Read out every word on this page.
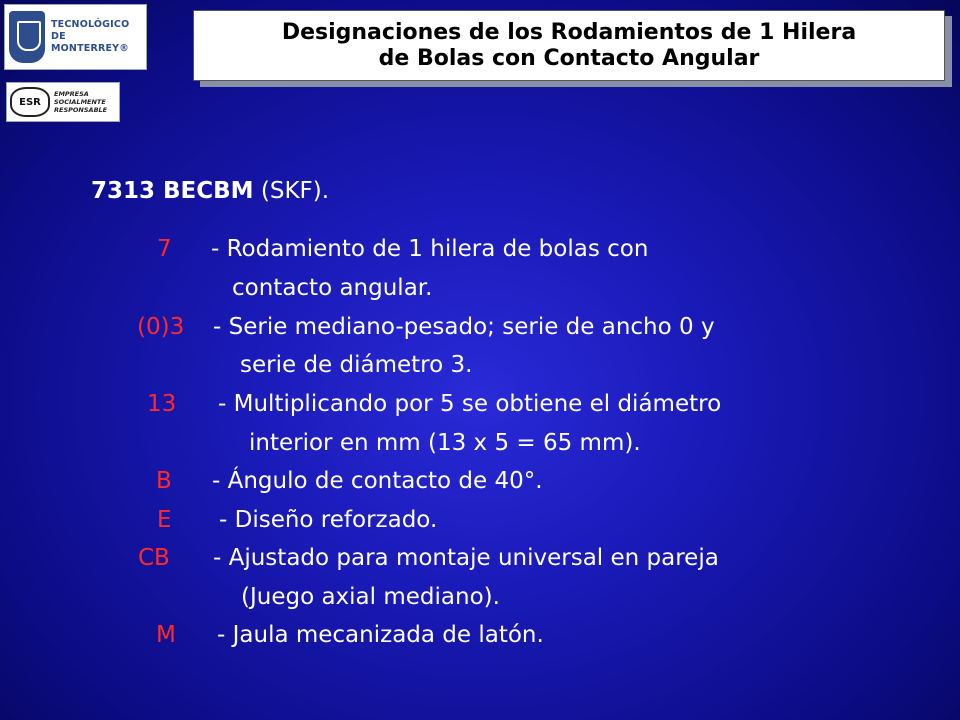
TECNOLÓGICO
DE MONTERREY®
ESR
EMPRESA
SOCIALMENTE
RESPONSABLE
Designaciones de los Rodamientos de 1 Hilera
de Bolas con Contacto Angular
7313 BECBM (SKF).
7 - Rodamiento de 1 hilera de bolas con
contacto angular.
(0)3 - Serie mediano-pesado; serie de ancho 0 y
serie de diámetro 3.
13 - Multiplicando por 5 se obtiene el diámetro
interior en mm (13 x 5 = 65 mm).
B - Ángulo de contacto de 40°.
E - Diseño reforzado.
CB - Ajustado para montaje universal en pareja
(Juego axial mediano).
M - Jaula mecanizada de latón.
